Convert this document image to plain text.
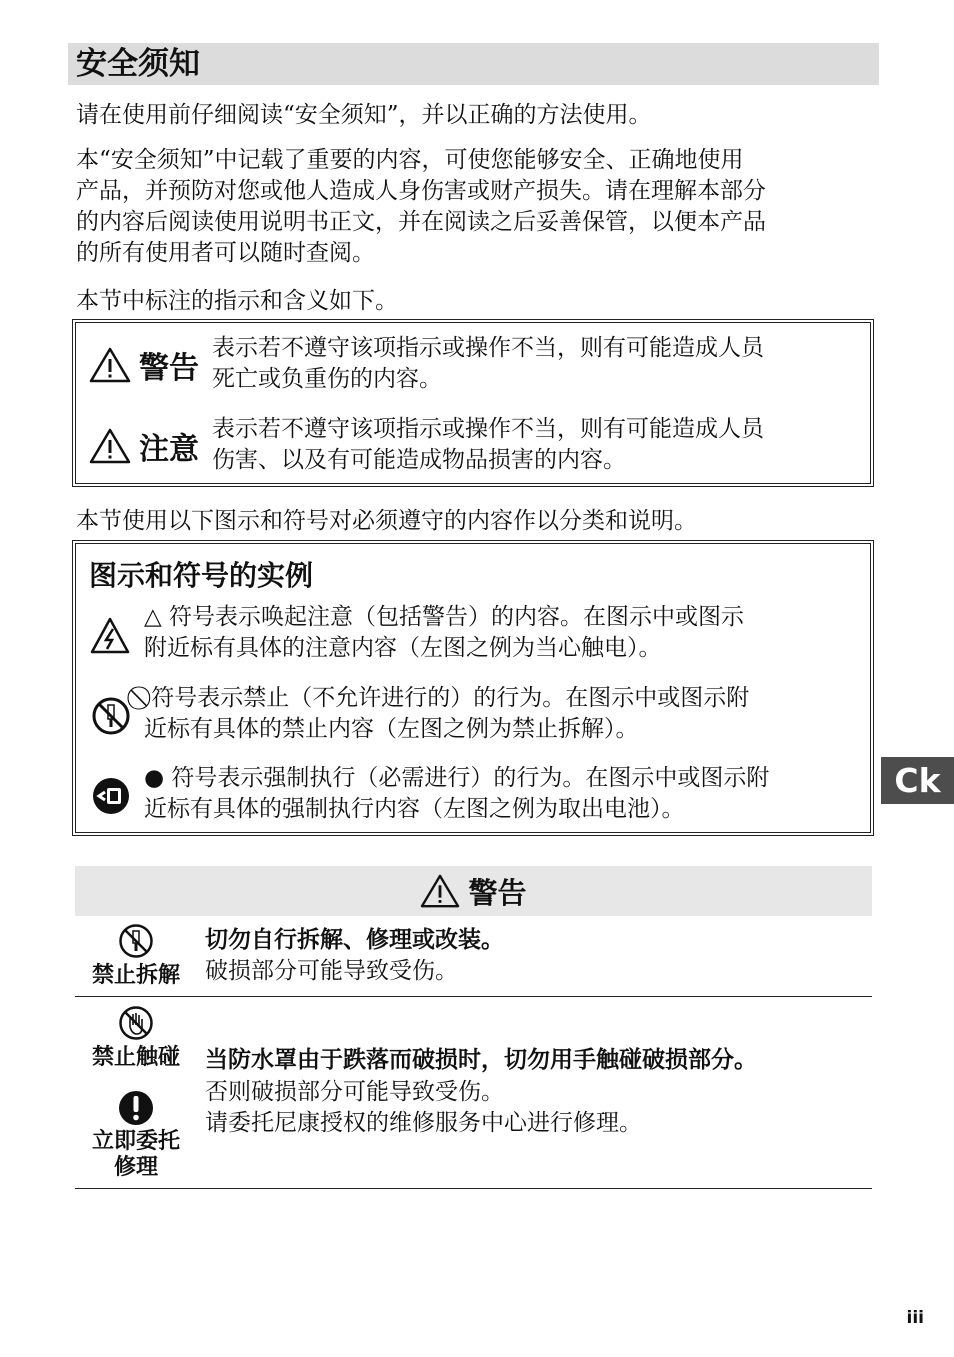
安全须知

请在使用前仔细阅读“安全须知”，并以正确的方法使用。

本“安全须知”中记载了重要的内容，可使您能够安全、正确地使用
产品，并预防对您或他人造成人身伤害或财产损失。请在理解本部分
的内容后阅读使用说明书正文，并在阅读之后妥善保管，以便本产品
的所有使用者可以随时查阅。

本节中标注的指示和含义如下。

警告
表示若不遵守该项指示或操作不当，则有可能造成人员
死亡或负重伤的内容。
注意
表示若不遵守该项指示或操作不当，则有可能造成人员
伤害、以及有可能造成物品损害的内容。

本节使用以下图示和符号对必须遵守的内容作以分类和说明。

图示和符号的实例
△ 符号表示唤起注意（包括警告）的内容。在图示中或图示
附近标有具体的注意内容（左图之例为当心触电）。
⃠ 符号表示禁止（不允许进行的）的行为。在图示中或图示附
近标有具体的禁止内容（左图之例为禁止拆解）。
● 符号表示强制执行（必需进行）的行为。在图示中或图示附
近标有具体的强制执行内容（左图之例为取出电池）。
Ck
警告
禁止拆解
切勿自行拆解、修理或改装。
破损部分可能导致受伤。
禁止触碰
立即委托
修理
当防水罩由于跌落而破损时，切勿用手触碰破损部分。
否则破损部分可能导致受伤。
请委托尼康授权的维修服务中心进行修理。
iii
